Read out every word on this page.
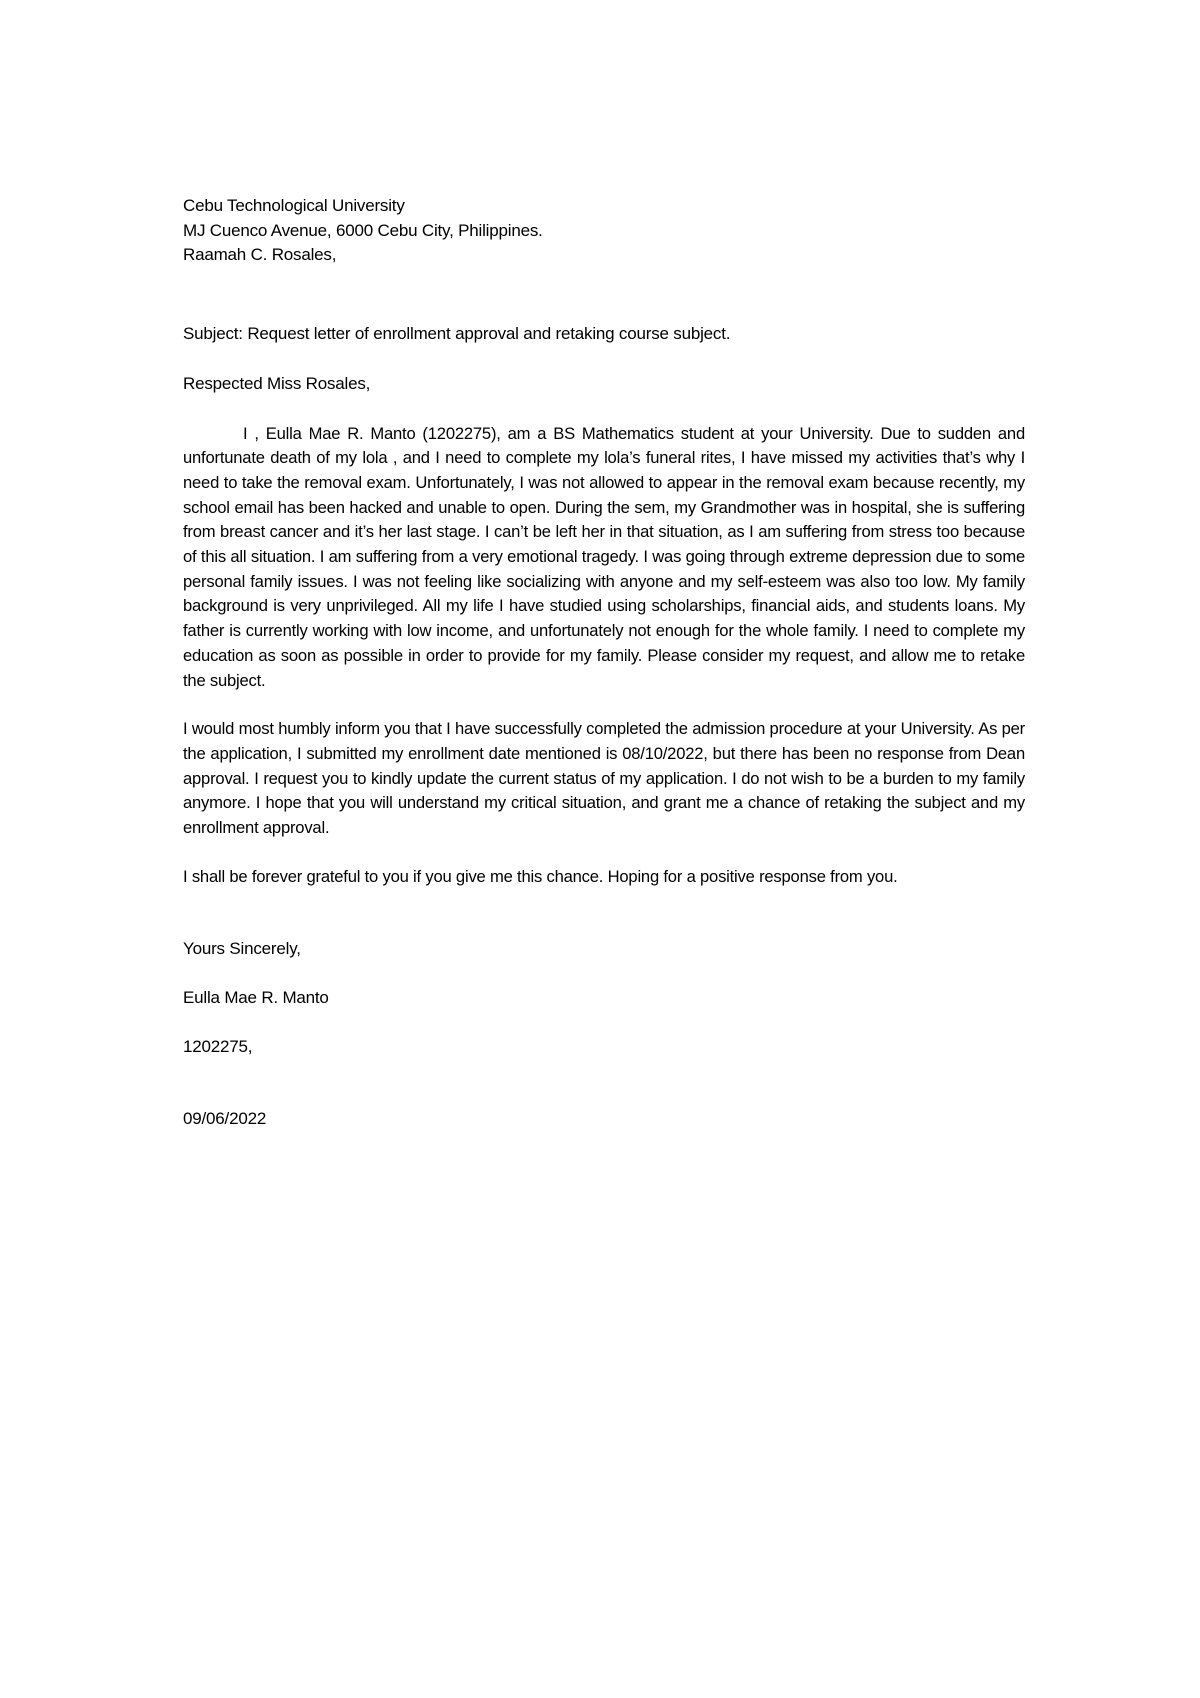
Cebu Technological University
MJ Cuenco Avenue, 6000 Cebu City, Philippines.
Raamah C. Rosales,
Subject: Request letter of enrollment approval and retaking course subject.
Respected Miss Rosales,

I , Eulla Mae R. Manto (1202275), am a BS Mathematics student at your University. Due to sudden and unfortunate death of my lola , and I need to complete my lola’s funeral rites, I have missed my activities that’s why I need to take the removal exam. Unfortunately, I was not allowed to appear in the removal exam because recently, my school email has been hacked and unable to open. During the sem, my Grandmother was in hospital, she is suffering from breast cancer and it’s her last stage. I can’t be left her in that situation, as I am suffering from stress too because of this all situation. I am suffering from a very emotional tragedy. I was going through extreme depression due to some personal family issues. I was not feeling like socializing with anyone and my self-esteem was also too low. My family background is very unprivileged. All my life I have studied using scholarships, financial aids, and students loans. My father is currently working with low income, and unfortunately not enough for the whole family. I need to complete my education as soon as possible in order to provide for my family. Please consider my request, and allow me to retake the subject.

I would most humbly inform you that I have successfully completed the admission procedure at your University. As per the application, I submitted my enrollment date mentioned is 08/10/2022, but there has been no response from Dean approval. I request you to kindly update the current status of my application. I do not wish to be a burden to my family anymore. I hope that you will understand my critical situation, and grant me a chance of retaking the subject and my enrollment approval.

I shall be forever grateful to you if you give me this chance. Hoping for a positive response from you.

Yours Sincerely,
Eulla Mae R. Manto
1202275,
09/06/2022
